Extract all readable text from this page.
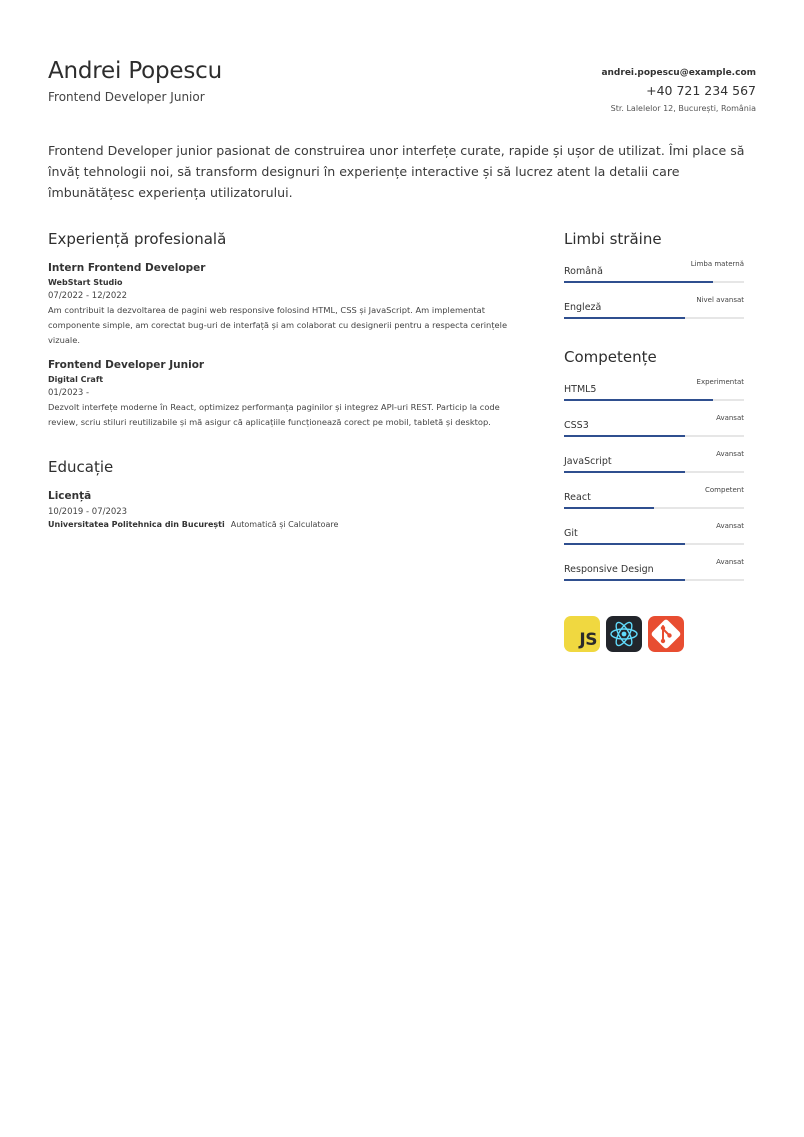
Andrei Popescu
Frontend Developer Junior
andrei.popescu@example.com
+40 721 234 567
Str. Lalelelor 12, București, România
Frontend Developer junior pasionat de construirea unor interfețe curate, rapide și ușor de utilizat. Îmi place să învăț tehnologii noi, să transform designuri în experiențe interactive și să lucrez atent la detalii care îmbunătățesc experiența utilizatorului.
Experiență profesională
Intern Frontend Developer
WebStart Studio
07/2022 - 12/2022
Am contribuit la dezvoltarea de pagini web responsive folosind HTML, CSS și JavaScript. Am implementat componente simple, am corectat bug-uri de interfață și am colaborat cu designerii pentru a respecta cerințele vizuale.
Frontend Developer Junior
Digital Craft
01/2023 -
Dezvolt interfețe moderne în React, optimizez performanța paginilor și integrez API-uri REST. Particip la code review, scriu stiluri reutilizabile și mă asigur că aplicațiile funcționează corect pe mobil, tabletă și desktop.
Educație
Licență
10/2019 - 07/2023
Universitatea Politehnica din București Automatică și Calculatoare
Limbi străine
Română
Limba maternă
Engleză
Nivel avansat
Competențe
HTML5
Experimentat
CSS3
Avansat
JavaScript
Avansat
React
Competent
Git
Avansat
Responsive Design
Avansat
JS
